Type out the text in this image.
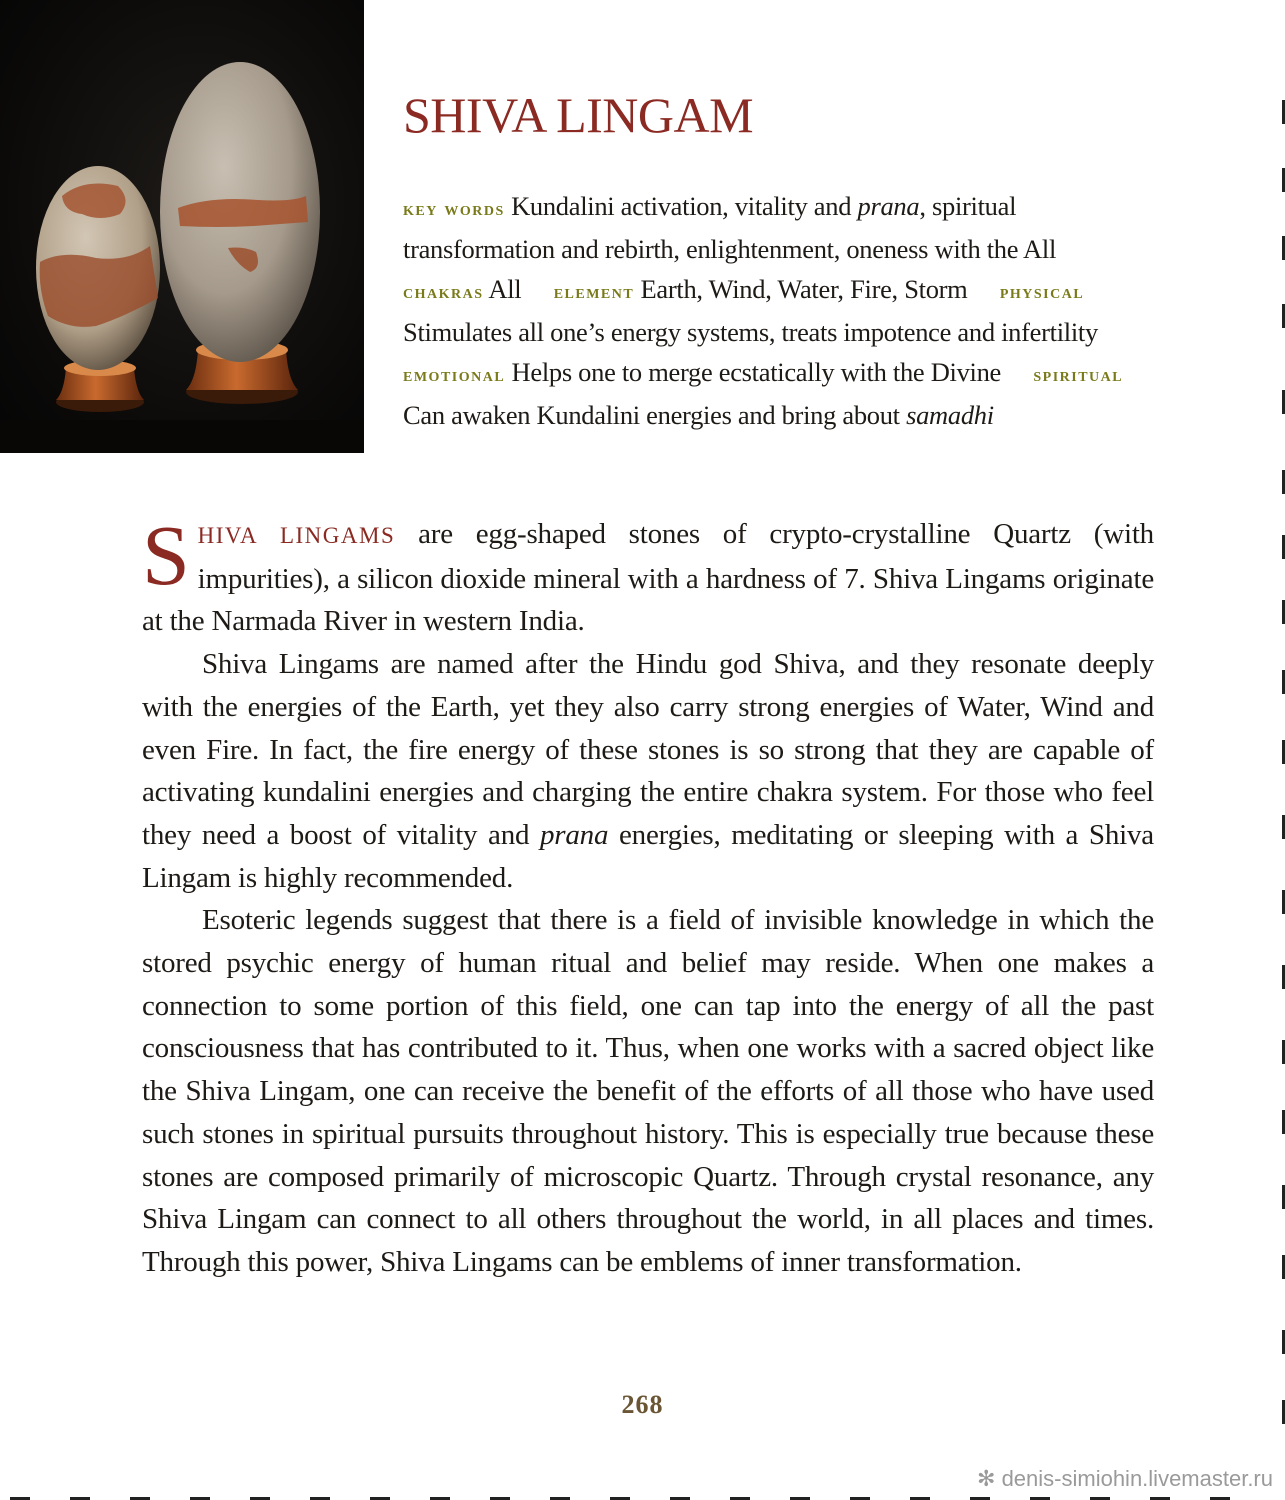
SHIVA LINGAM

key words Kundalini activation, vitality and prana, spiritual transformation and rebirth, enlightenment, oneness with the All chakras All element Earth, Wind, Water, Fire, Storm physical Stimulates all one’s energy systems, treats impotence and infertility emotional Helps one to merge ecstatically with the Divine spiritual Can awaken Kundalini energies and bring about samadhi

SHIVA LINGAMS are egg-shaped stones of crypto-crystalline Quartz (with impurities), a silicon dioxide mineral with a hardness of 7. Shiva Lingams originate at the Narmada River in western India.

Shiva Lingams are named after the Hindu god Shiva, and they resonate deeply with the energies of the Earth, yet they also carry strong energies of Water, Wind and even Fire. In fact, the fire energy of these stones is so strong that they are capable of activating kundalini energies and charging the entire chakra system. For those who feel they need a boost of vitality and prana energies, meditating or sleeping with a Shiva Lingam is highly recommended.

Esoteric legends suggest that there is a field of invisible knowledge in which the stored psychic energy of human ritual and belief may reside. When one makes a connection to some portion of this field, one can tap into the energy of all the past consciousness that has contributed to it. Thus, when one works with a sacred object like the Shiva Lingam, one can receive the benefit of the efforts of all those who have used such stones in spiritual pursuits throughout history. This is especially true because these stones are composed primarily of microscopic Quartz. Through crystal resonance, any Shiva Lingam can connect to all others throughout the world, in all places and times. Through this power, Shiva Lingams can be emblems of inner transformation.

268
✻ denis-simiohin.livemaster.ru
